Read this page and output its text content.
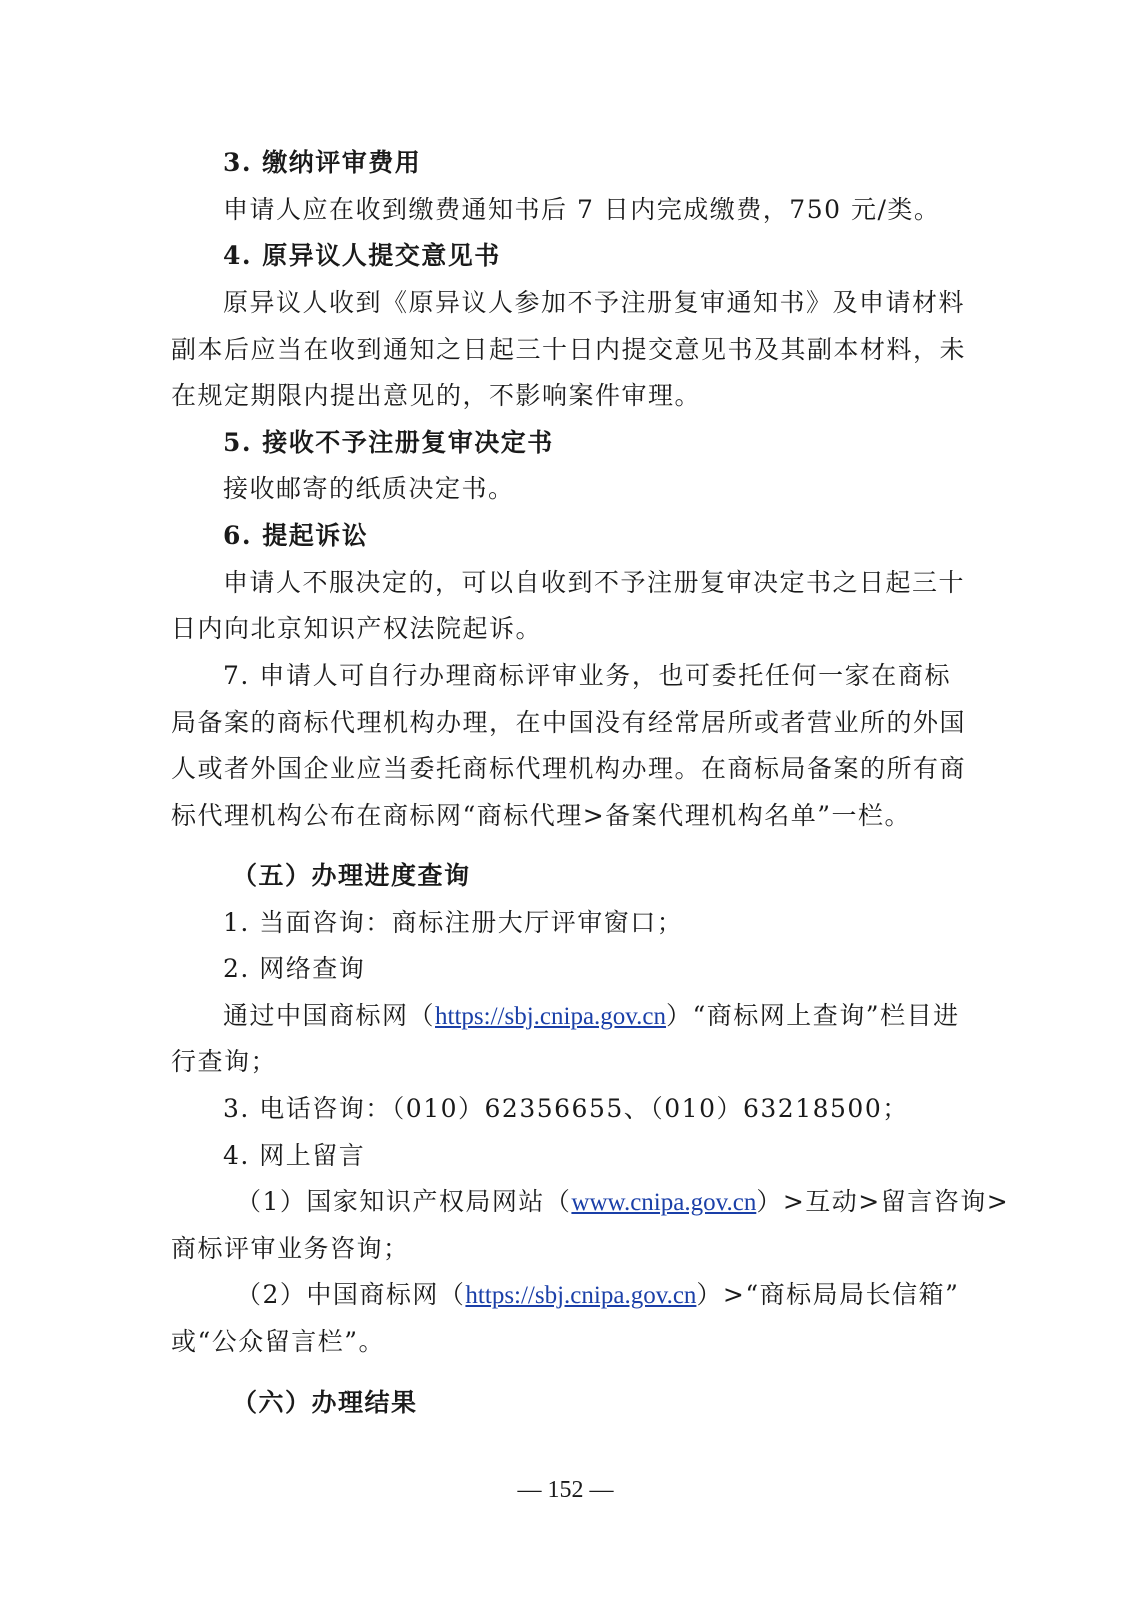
3. 缴纳评审费用
申请人应在收到缴费通知书后 7 日内完成缴费，750 元/类。
4. 原异议人提交意见书
原异议人收到《原异议人参加不予注册复审通知书》及申请材料
副本后应当在收到通知之日起三十日内提交意见书及其副本材料，未
在规定期限内提出意见的，不影响案件审理。
5. 接收不予注册复审决定书
接收邮寄的纸质决定书。
6. 提起诉讼
申请人不服决定的，可以自收到不予注册复审决定书之日起三十
日内向北京知识产权法院起诉。
7. 申请人可自行办理商标评审业务，也可委托任何一家在商标
局备案的商标代理机构办理，在中国没有经常居所或者营业所的外国
人或者外国企业应当委托商标代理机构办理。在商标局备案的所有商
标代理机构公布在商标网“商标代理>备案代理机构名单”一栏。
（五）办理进度查询
1. 当面咨询：商标注册大厅评审窗口；
2. 网络查询
通过中国商标网（https://sbj.cnipa.gov.cn）“商标网上查询”栏目进
行查询；
3. 电话咨询：（010）62356655、（010）63218500；
4. 网上留言
（1）国家知识产权局网站（www.cnipa.gov.cn）>互动>留言咨询>
商标评审业务咨询；
（2）中国商标网（https://sbj.cnipa.gov.cn）>“商标局局长信箱”
或“公众留言栏”。
（六）办理结果
— 152 —
